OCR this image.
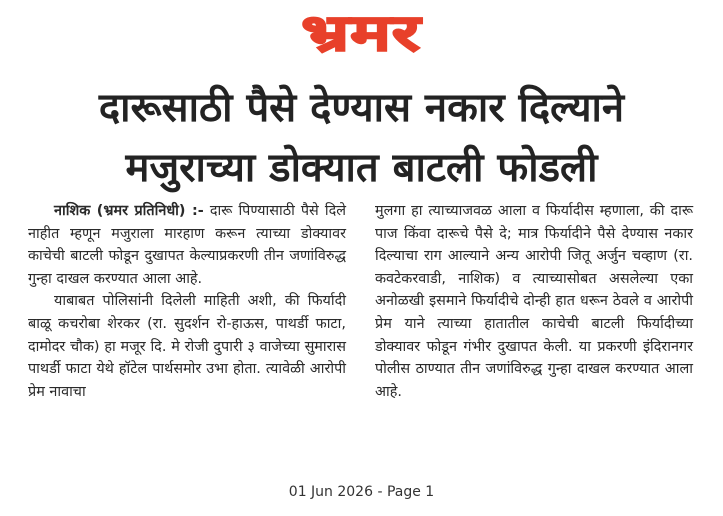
भ्रमर
दारूसाठी पैसे देण्यास नकार दिल्याने
मजुराच्या डोक्यात बाटली फोडली

नाशिक (भ्रमर प्रतिनिधी) :- दारू पिण्यासाठी पैसे दिले नाहीत म्हणून मजुराला मारहाण करून त्याच्या डोक्यावर काचेची बाटली फोडून दुखापत केल्याप्रकरणी तीन जणांविरुद्ध गुन्हा दाखल करण्यात आला आहे.

याबाबत पोलिसांनी दिलेली माहिती अशी, की फिर्यादी बाळू कचरोबा शेरकर (रा. सुदर्शन रो-हाऊस, पाथर्डी फाटा, दामोदर चौक) हा मजूर दि. मे रोजी दुपारी ३ वाजेच्या सुमारास पाथर्डी फाटा येथे हॉटेल पार्थसमोर उभा होता. त्यावेळी आरोपी प्रेम नावाचा

मुलगा हा त्याच्याजवळ आला व फिर्यादीस म्हणाला, की दारू पाज किंवा दारूचे पैसे दे; मात्र फिर्यादीने पैसे देण्यास नकार दिल्याचा राग आल्याने अन्य आरोपी जितू अर्जुन चव्हाण (रा. कवटेकरवाडी, नाशिक) व त्याच्यासोबत असलेल्या एका अनोळखी इसमाने फिर्यादीचे दोन्ही हात धरून ठेवले व आरोपी प्रेम याने त्याच्या हातातील काचेची बाटली फिर्यादीच्या डोक्यावर फोडून गंभीर दुखापत केली. या प्रकरणी इंदिरानगर पोलीस ठाण्यात तीन जणांविरुद्ध गुन्हा दाखल करण्यात आला आहे.

01 Jun 2026 - Page 1
